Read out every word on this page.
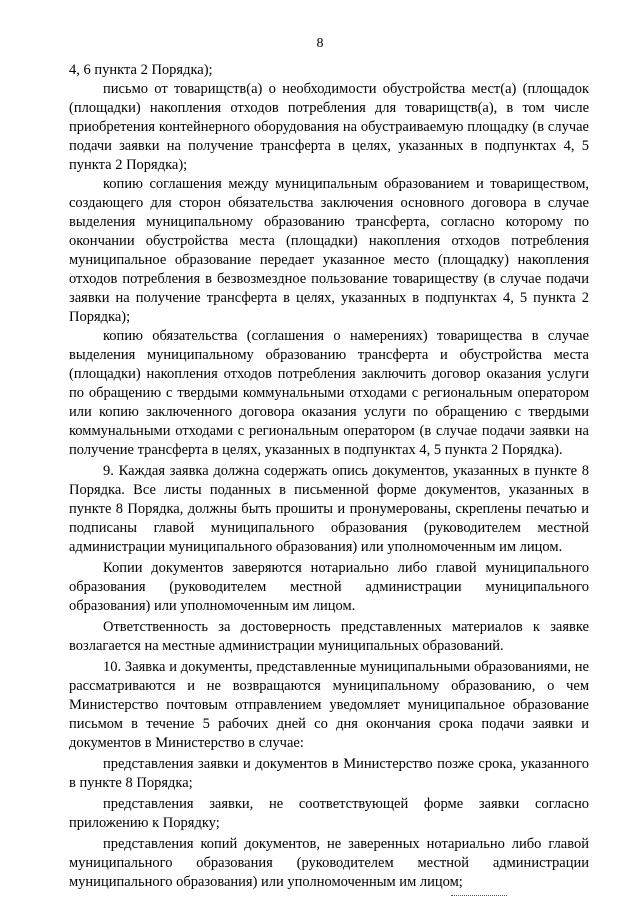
8

4, 6 пункта 2 Порядка);

письмо от товарищств(а) о необходимости обустройства мест(а) (площадок (площадки) накопления отходов потребления для товарищств(а), в том числе приобретения контейнерного оборудования на обустраиваемую площадку (в случае подачи заявки на получение трансферта в целях, указанных в подпунктах 4, 5 пункта 2 Порядка);

копию соглашения между муниципальным образованием и товариществом, создающего для сторон обязательства заключения основного договора в случае выделения муниципальному образованию трансферта, согласно которому по окончании обустройства места (площадки) накопления отходов потребления муниципальное образование передает указанное место (площадку) накопления отходов потребления в безвозмездное пользование товариществу (в случае подачи заявки на получение трансферта в целях, указанных в подпунктах 4, 5 пункта 2 Порядка);

копию обязательства (соглашения о намерениях) товарищества в случае выделения муниципальному образованию трансферта и обустройства места (площадки) накопления отходов потребления заключить договор оказания услуги по обращению с твердыми коммунальными отходами с региональным оператором или копию заключенного договора оказания услуги по обращению с твердыми коммунальными отходами с региональным оператором (в случае подачи заявки на получение трансферта в целях, указанных в подпунктах 4, 5 пункта 2 Порядка).

9. Каждая заявка должна содержать опись документов, указанных в пункте 8 Порядка. Все листы поданных в письменной форме документов, указанных в пункте 8 Порядка, должны быть прошиты и пронумерованы, скреплены печатью и подписаны главой муниципального образования (руководителем местной администрации муниципального образования) или уполномоченным им лицом.

Копии документов заверяются нотариально либо главой муниципального образования (руководителем местной администрации муниципального образования) или уполномоченным им лицом.

Ответственность за достоверность представленных материалов к заявке возлагается на местные администрации муниципальных образований.

10. Заявка и документы, представленные муниципальными образованиями, не рассматриваются и не возвращаются муниципальному образованию, о чем Министерство почтовым отправлением уведомляет муниципальное образование письмом в течение 5 рабочих дней со дня окончания срока подачи заявки и документов в Министерство в случае:

представления заявки и документов в Министерство позже срока, указанного в пункте 8 Порядка;

представления заявки, не соответствующей форме заявки согласно приложению к Порядку;

представления копий документов, не заверенных нотариально либо главой муниципального образования (руководителем местной администрации муниципального образования) или уполномоченным им лицом;
